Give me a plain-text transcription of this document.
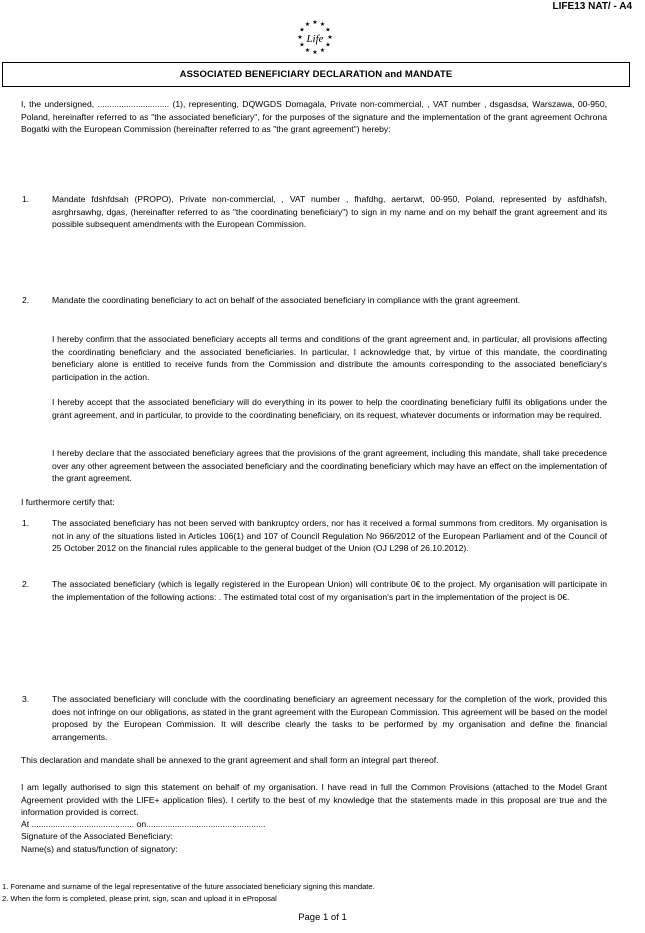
LIFE13 NAT/ - A4
★ ★
★
★
★
★
★
★
★
★
★
★
Life
ASSOCIATED BENEFICIARY DECLARATION and MANDATE
I, the undersigned, .............................. (1), representing, DQWGDS Domagala, Private non-commercial, , VAT number , dsgasdsa, Warszawa, 00-950, Poland, hereinafter referred to as "the associated beneficiary", for the purposes of the signature and the implementation of the grant agreement Ochrona Bogatki with the European Commission (hereinafter referred to as "the grant agreement") hereby:
1.	Mandate fdshfdsah (PROPO), Private non-commercial, , VAT number , fhafdhg, aertarwt, 00-950, Poland, represented by asfdhafsh, asrghrsawhg, dgas, (hereinafter referred to as "the coordinating beneficiary") to sign in my name and on my behalf the grant agreement and its possible subsequent amendments with the European Commission.
2.	Mandate the coordinating beneficiary to act on behalf of the associated beneficiary in compliance with the grant agreement.
I hereby confirm that the associated beneficiary accepts all terms and conditions of the grant agreement and, in particular, all provisions affecting the coordinating beneficiary and the associated beneficiaries. In particular, I acknowledge that, by virtue of this mandate, the coordinating beneficiary alone is entitled to receive funds from the Commission and distribute the amounts corresponding to the associated beneficiary's participation in the action.
I hereby accept that the associated beneficiary will do everything in its power to help the coordinating beneficiary fulfil its obligations under the grant agreement, and in particular, to provide to the coordinating beneficiary, on its request, whatever documents or information may be required.
I hereby declare that the associated beneficiary agrees that the provisions of the grant agreement, including this mandate, shall take precedence over any other agreement between the associated beneficiary and the coordinating beneficiary which may have an effect on the implementation of the grant agreement.
I furthermore certify that:
1.	The associated beneficiary has not been served with bankruptcy orders, nor has it received a formal summons from creditors. My organisation is not in any of the situations listed in Articles 106(1) and 107 of Council Regulation No 966/2012 of the European Parliament and of the Council of 25 October 2012 on the financial rules applicable to the general budget of the Union (OJ L298 of 26.10.2012).
2.	The associated beneficiary (which is legally registered in the European Union) will contribute 0€ to the project. My organisation will participate in the implementation of the following actions: . The estimated total cost of my organisation's part in the implementation of the project is 0€.
3.	The associated beneficiary will conclude with the coordinating beneficiary an agreement necessary for the completion of the work, provided this does not infringe on our obligations, as stated in the grant agreement with the European Commission. This agreement will be based on the model proposed by the European Commission. It will describe clearly the tasks to be performed by my organisation and define the financial arrangements.
This declaration and mandate shall be annexed to the grant agreement and shall form an integral part thereof.
I am legally authorised to sign this statement on behalf of my organisation. I have read in full the Common Provisions (attached to the Model Grant Agreement provided with the LIFE+ application files). I certify to the best of my knowledge that the statements made in this proposal are true and the information provided is correct.
At ........................................... on..................................................
Signature of the Associated Beneficiary:
Name(s) and status/function of signatory:
1. Forename and surname of the legal representative of the future associated beneficiary signing this mandate.
2. When the form is completed, please print, sign, scan and upload it in eProposal
Page 1 of 1
